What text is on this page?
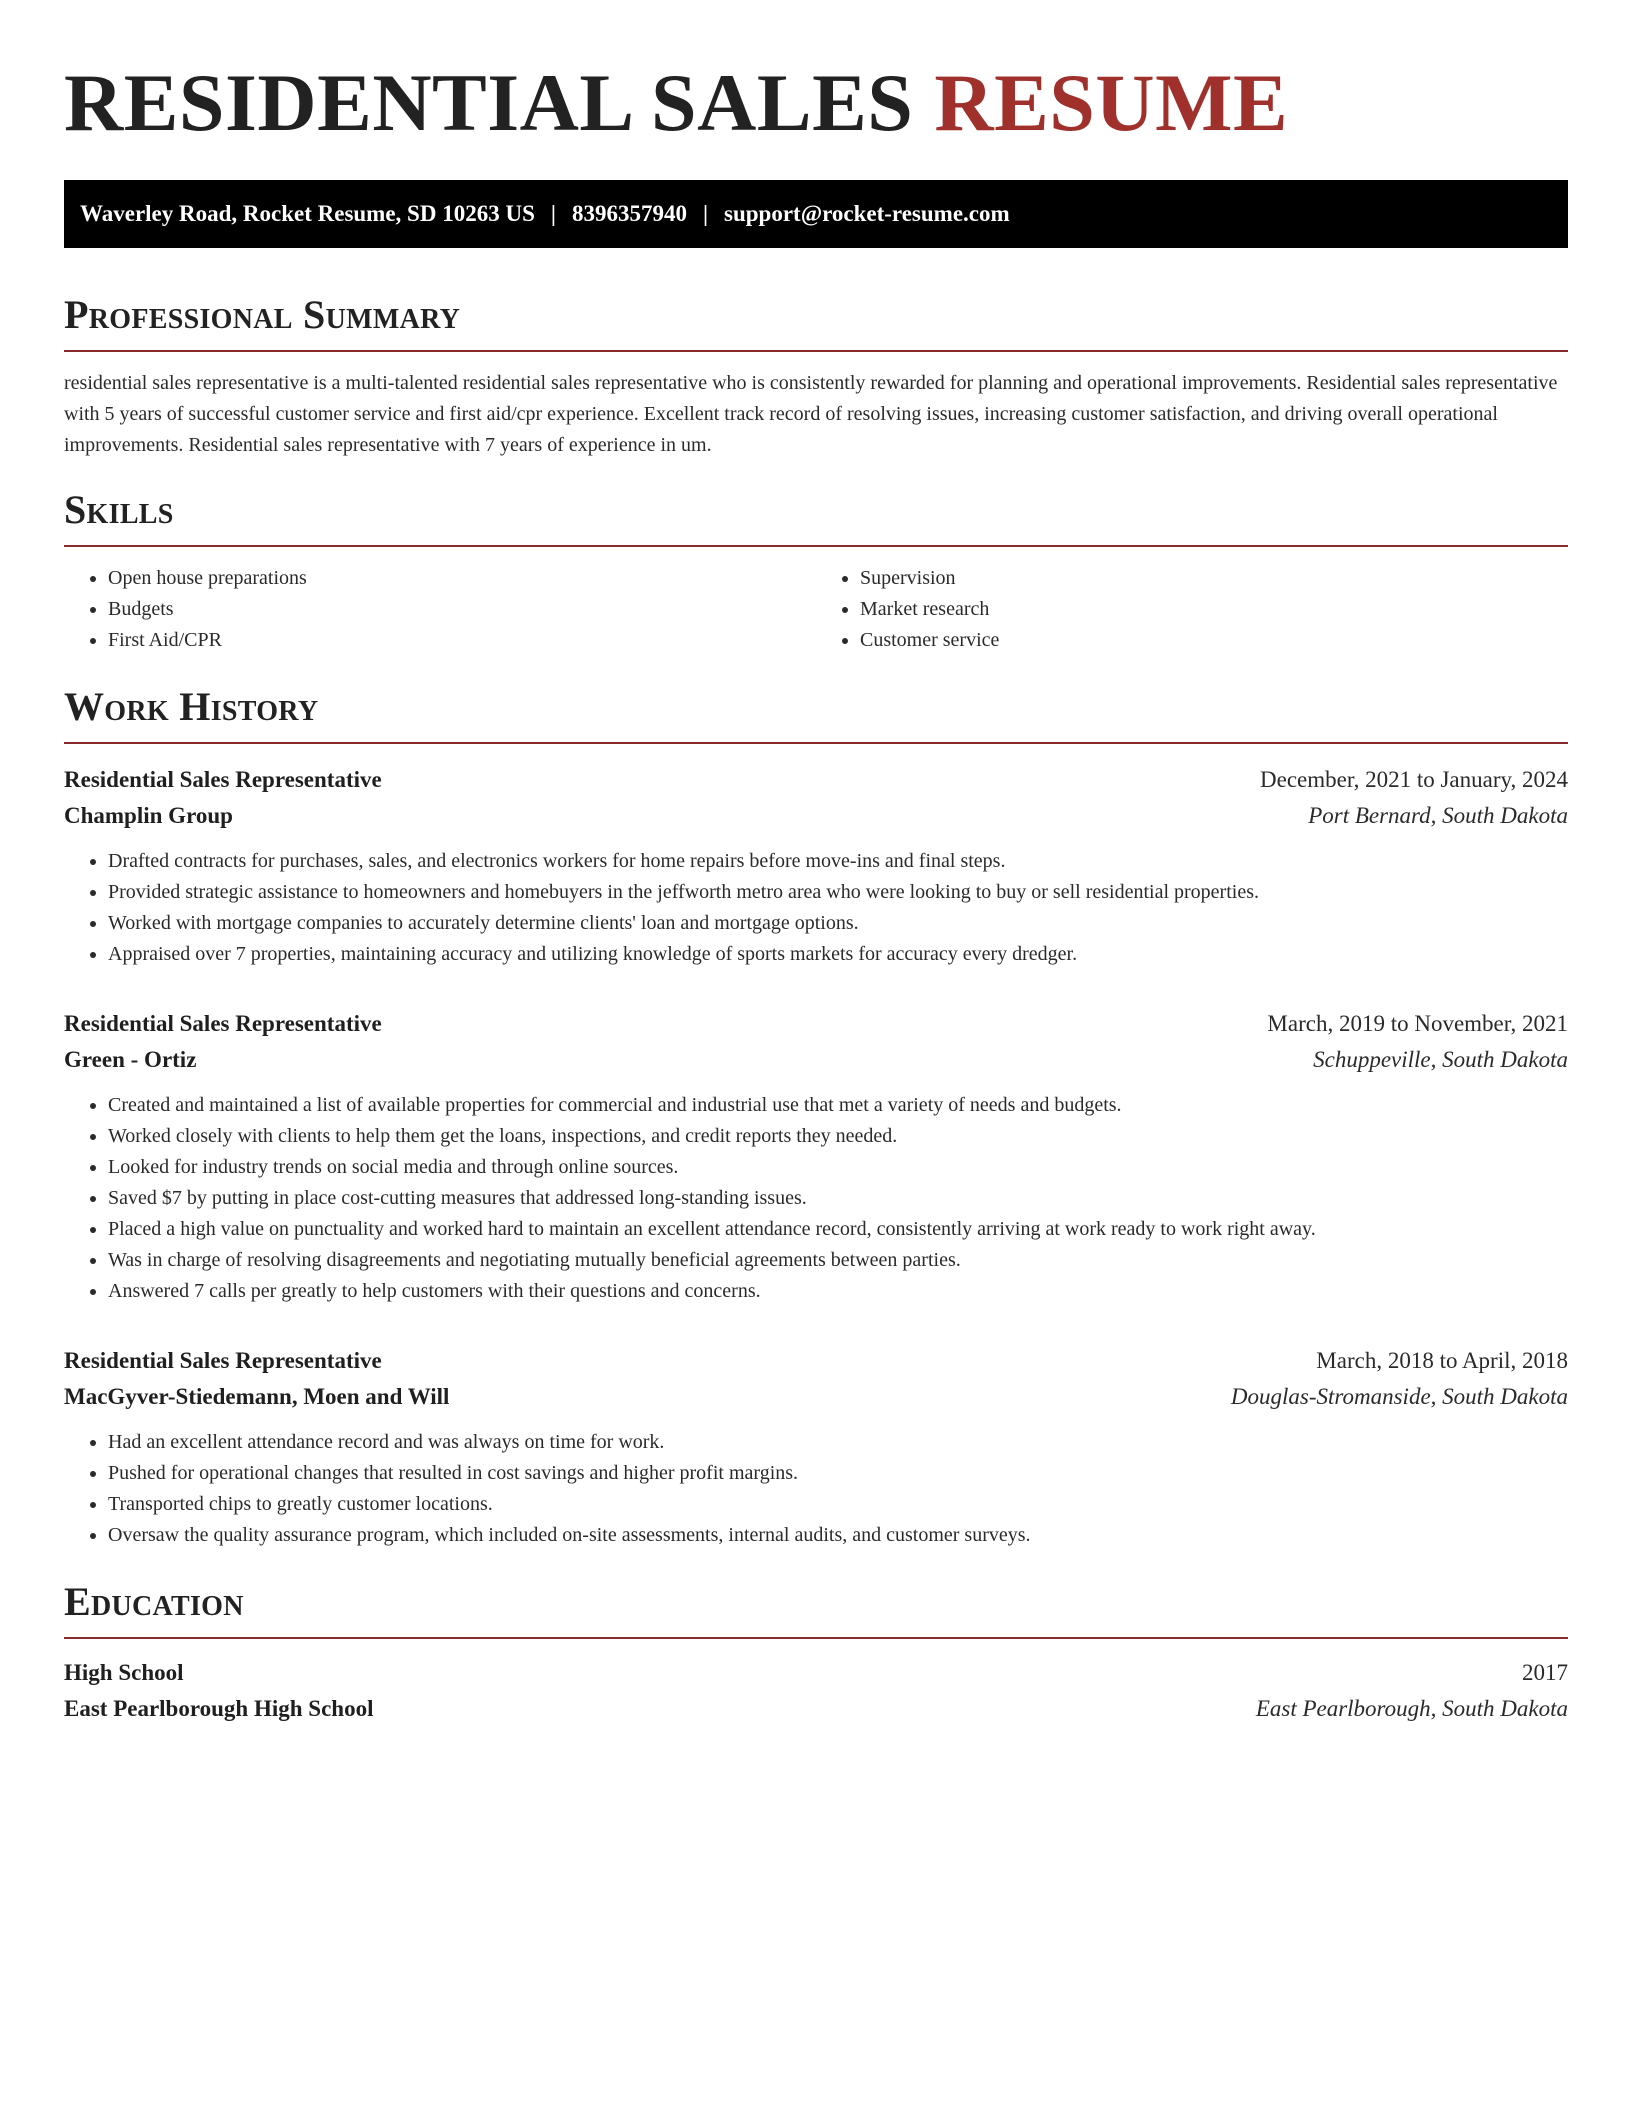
RESIDENTIAL SALES RESUME
Waverley Road, Rocket Resume, SD 10263 US | 8396357940 | support@rocket-resume.com
Professional Summary

residential sales representative is a multi-talented residential sales representative who is consistently rewarded for planning and operational improvements. Residential sales representative with 5 years of successful customer service and first aid/cpr experience. Excellent track record of resolving issues, increasing customer satisfaction, and driving overall operational improvements. Residential sales representative with 7 years of experience in um.

Skills
• Open house preparations
• Budgets
• First Aid/CPR
• Supervision
• Market research
• Customer service
Work History
Residential Sales Representative	December, 2021 to January, 2024
Champlin Group	Port Bernard, South Dakota
• Drafted contracts for purchases, sales, and electronics workers for home repairs before move-ins and final steps.
• Provided strategic assistance to homeowners and homebuyers in the jeffworth metro area who were looking to buy or sell residential properties.
• Worked with mortgage companies to accurately determine clients' loan and mortgage options.
• Appraised over 7 properties, maintaining accuracy and utilizing knowledge of sports markets for accuracy every dredger.
Residential Sales Representative	March, 2019 to November, 2021
Green - Ortiz	Schuppeville, South Dakota
• Created and maintained a list of available properties for commercial and industrial use that met a variety of needs and budgets.
• Worked closely with clients to help them get the loans, inspections, and credit reports they needed.
• Looked for industry trends on social media and through online sources.
• Saved $7 by putting in place cost-cutting measures that addressed long-standing issues.
• Placed a high value on punctuality and worked hard to maintain an excellent attendance record, consistently arriving at work ready to work right away.
• Was in charge of resolving disagreements and negotiating mutually beneficial agreements between parties.
• Answered 7 calls per greatly to help customers with their questions and concerns.
Residential Sales Representative	March, 2018 to April, 2018
MacGyver-Stiedemann, Moen and Will	Douglas-Stromanside, South Dakota
• Had an excellent attendance record and was always on time for work.
• Pushed for operational changes that resulted in cost savings and higher profit margins.
• Transported chips to greatly customer locations.
• Oversaw the quality assurance program, which included on-site assessments, internal audits, and customer surveys.
Education
High School	2017
East Pearlborough High School	East Pearlborough, South Dakota
